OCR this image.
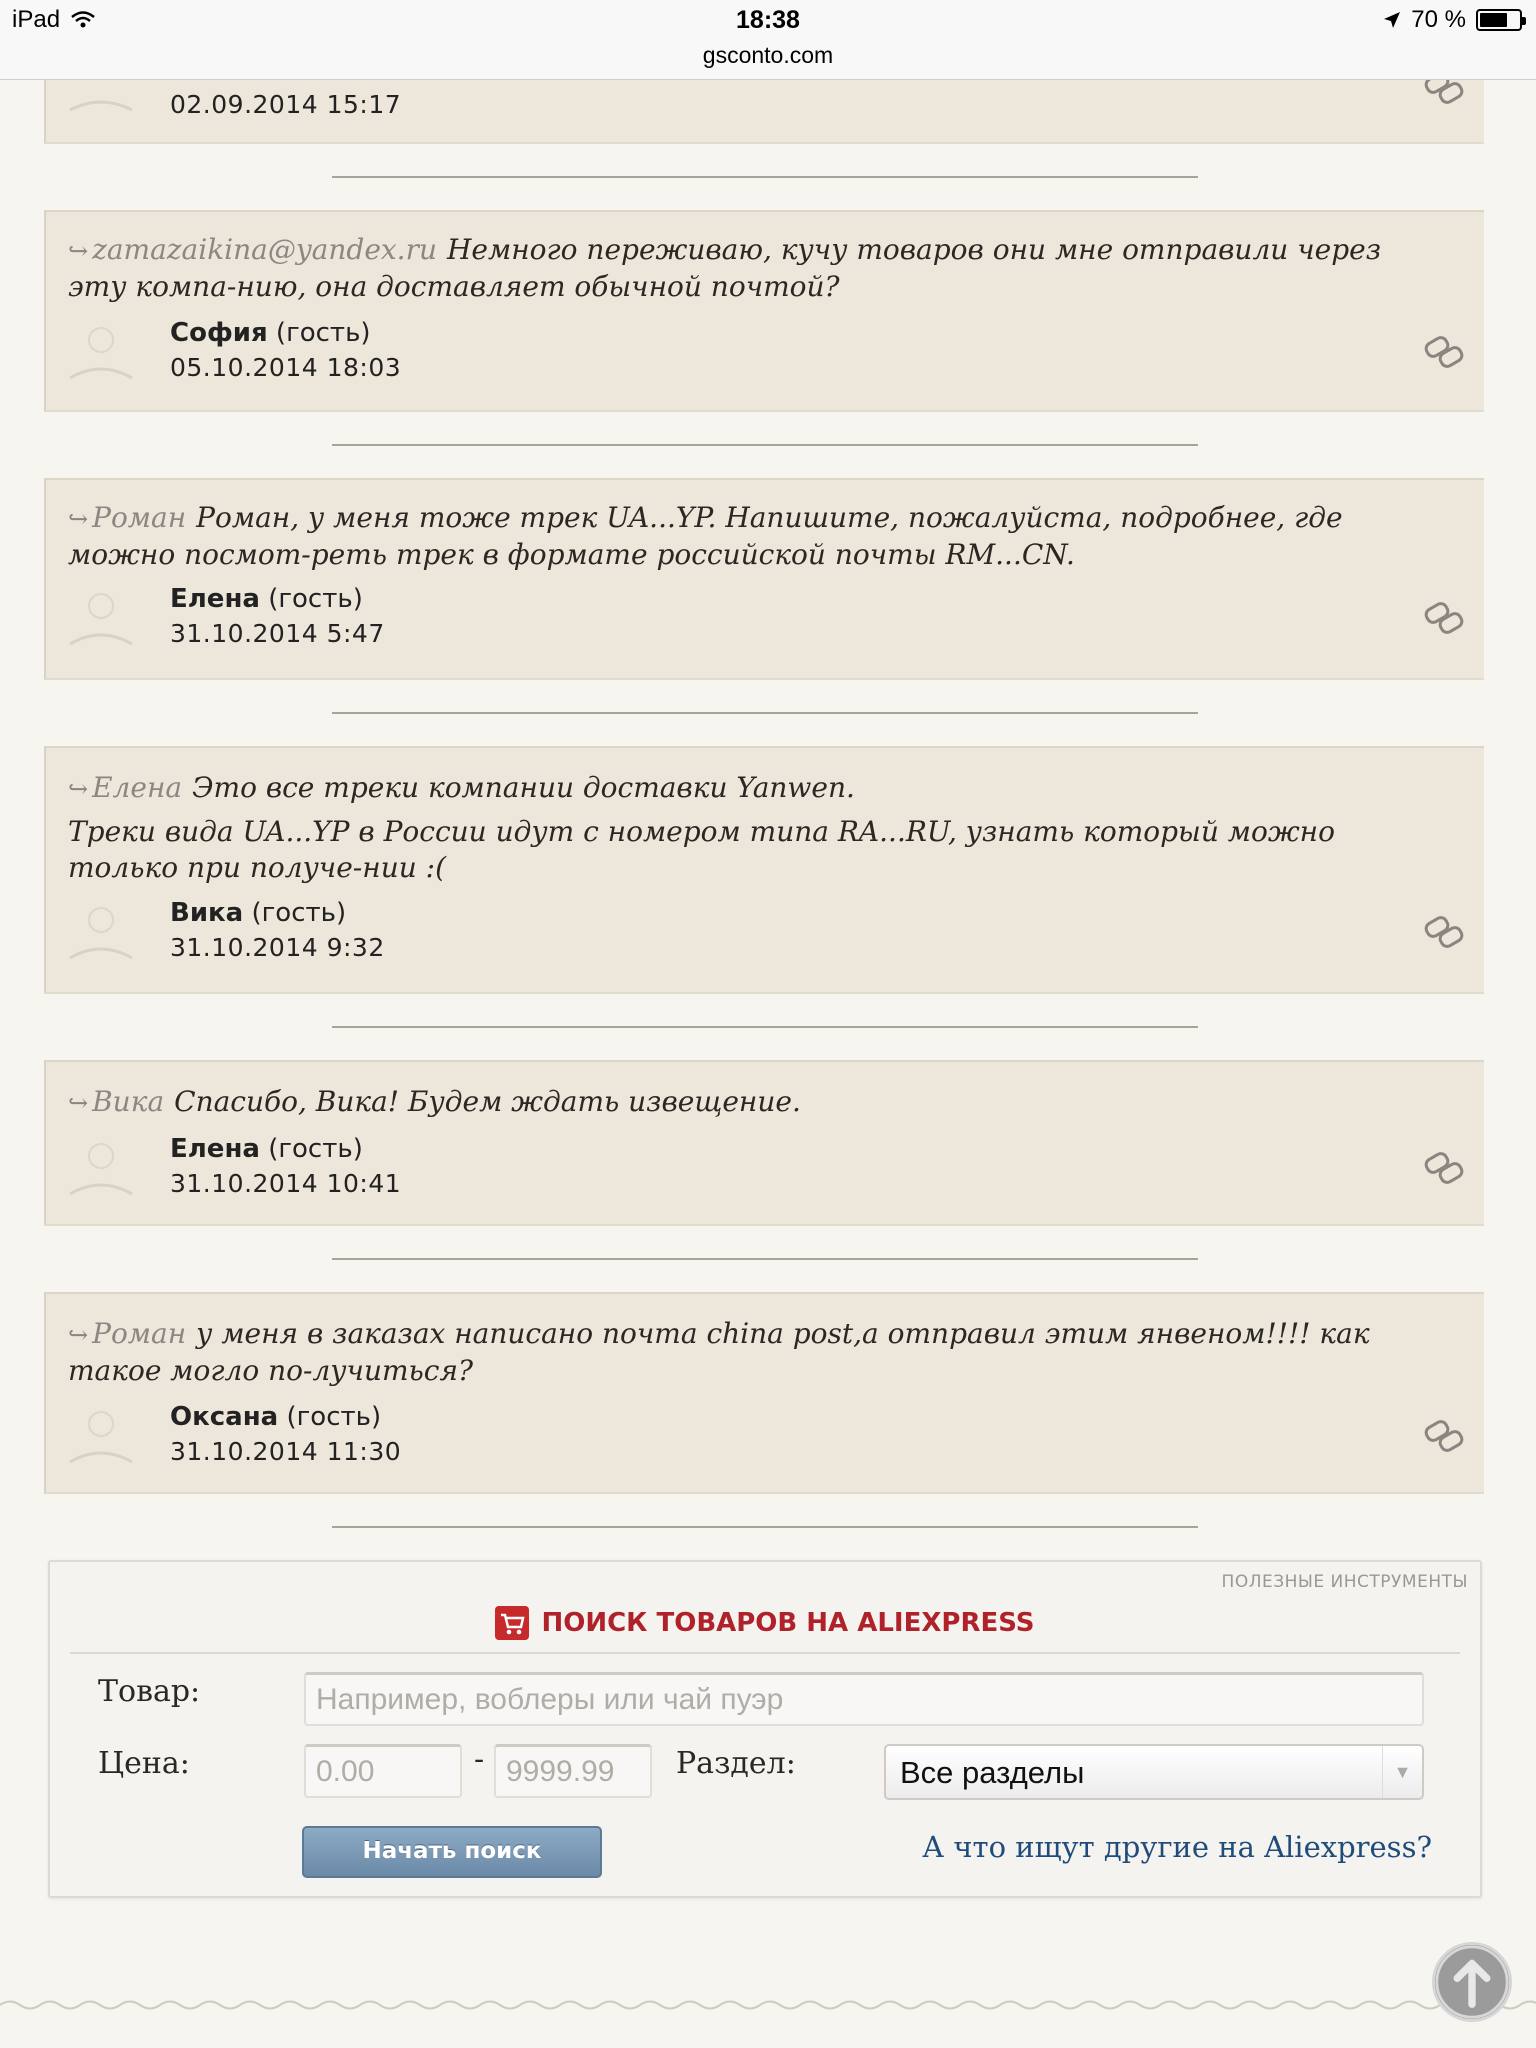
02.09.2014 15:17
↪ zamazaikina@yandex.ru Немного переживаю, кучу товаров они мне отправили через эту компа-нию, она доставляет обычной почтой?
София (гость)
05.10.2014 18:03
↪ Роман Роман, у меня тоже трек UA...YP. Напишите, пожалуйста, подробнее, где можно посмот-реть трек в формате российской почты RM...CN.
Елена (гость)
31.10.2014 5:47
↪ Елена Это все треки компании доставки Yanwen.
Треки вида UA...YP в России идут с номером типа RA...RU, узнать который можно только при получе-нии :(
Вика (гость)
31.10.2014 9:32
↪ Вика Спасибо, Вика! Будем ждать извещение.
Елена (гость)
31.10.2014 10:41
↪ Роман у меня в заказах написано почта china post,а отправил этим янвеном!!!! как такое могло по-лучиться?
Оксана (гость)
31.10.2014 11:30
ПОЛЕЗНЫЕ ИНСТРУМЕНТЫ
ПОИСК ТОВАРОВ НА ALIEXPRESS
Товар:	Например, воблеры или чай пуэр
Цена:	0.00	- 9999.99	Раздел:	Все разделы	▼
Начать поиск	А что ищут другие на Aliexpress?
iPad	18:38
gsconto.com
70 %
